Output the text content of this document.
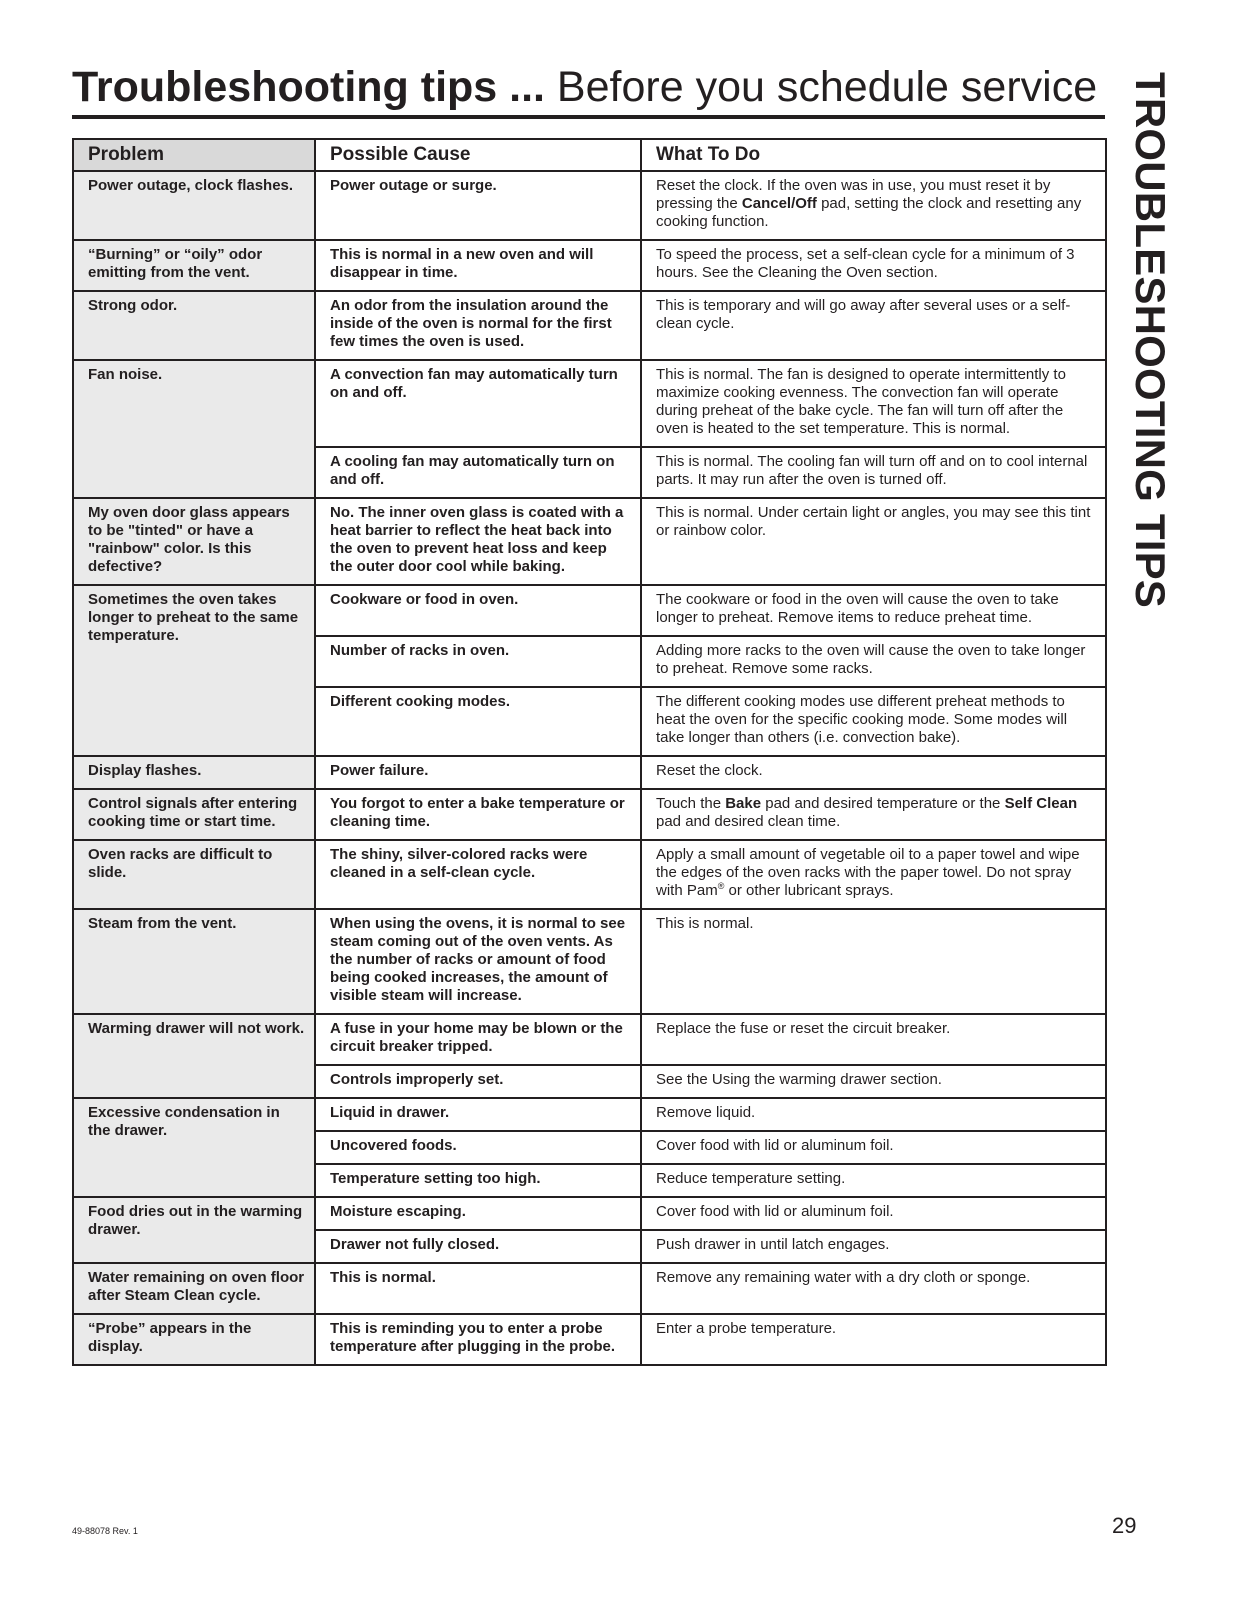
Troubleshooting tips ... Before you schedule service TROUBLESHOOTING TIPS
Problem	Possible Cause	What To Do
Power outage, clock flashes.	Power outage or surge.	Reset the clock. If the oven was in use, you must reset it by pressing the Cancel/Off pad, setting the clock and resetting any cooking function.
“Burning” or “oily” odor emitting from the vent.	This is normal in a new oven and will disappear in time.	To speed the process, set a self-clean cycle for a minimum of 3 hours. See the Cleaning the Oven section.
Strong odor.	An odor from the insulation around the inside of the oven is normal for the first few times the oven is used.	This is temporary and will go away after several uses or a self-clean cycle.
Fan noise.	A convection fan may automatically turn on and off.	This is normal. The fan is designed to operate intermittently to maximize cooking evenness. The convection fan will operate during preheat of the bake cycle. The fan will turn off after the oven is heated to the set temperature. This is normal.
	A cooling fan may automatically turn on and off.	This is normal. The cooling fan will turn off and on to cool internal parts. It may run after the oven is turned off.
My oven door glass appears to be "tinted" or have a "rainbow" color. Is this defective?	No. The inner oven glass is coated with a heat barrier to reflect the heat back into the oven to prevent heat loss and keep the outer door cool while baking.	This is normal. Under certain light or angles, you may see this tint or rainbow color.
Sometimes the oven takes longer to preheat to the same temperature.	Cookware or food in oven.	The cookware or food in the oven will cause the oven to take longer to preheat. Remove items to reduce preheat time.
	Number of racks in oven.	Adding more racks to the oven will cause the oven to take longer to preheat. Remove some racks.
	Different cooking modes.	The different cooking modes use different preheat methods to heat the oven for the specific cooking mode. Some modes will take longer than others (i.e. convection bake).
Display flashes.	Power failure.	Reset the clock.
Control signals after entering cooking time or start time.	You forgot to enter a bake temperature or cleaning time.	Touch the Bake pad and desired temperature or the Self Clean pad and desired clean time.
Oven racks are difficult to slide.	The shiny, silver-colored racks were cleaned in a self-clean cycle.	Apply a small amount of vegetable oil to a paper towel and wipe the edges of the oven racks with the paper towel. Do not spray with Pam® or other lubricant sprays.
Steam from the vent.	When using the ovens, it is normal to see steam coming out of the oven vents. As the number of racks or amount of food being cooked increases, the amount of visible steam will increase.	This is normal.
Warming drawer will not work.	A fuse in your home may be blown or the circuit breaker tripped.	Replace the fuse or reset the circuit breaker.
	Controls improperly set.	See the Using the warming drawer section.
Excessive condensation in the drawer.	Liquid in drawer.	Remove liquid.
	Uncovered foods.	Cover food with lid or aluminum foil.
	Temperature setting too high.	Reduce temperature setting.
Food dries out in the warming drawer.	Moisture escaping.	Cover food with lid or aluminum foil.
	Drawer not fully closed.	Push drawer in until latch engages.
Water remaining on oven floor after Steam Clean cycle.	This is normal.	Remove any remaining water with a dry cloth or sponge.
“Probe” appears in the display.	This is reminding you to enter a probe temperature after plugging in the probe.	Enter a probe temperature.
49-88078 Rev. 1	29
